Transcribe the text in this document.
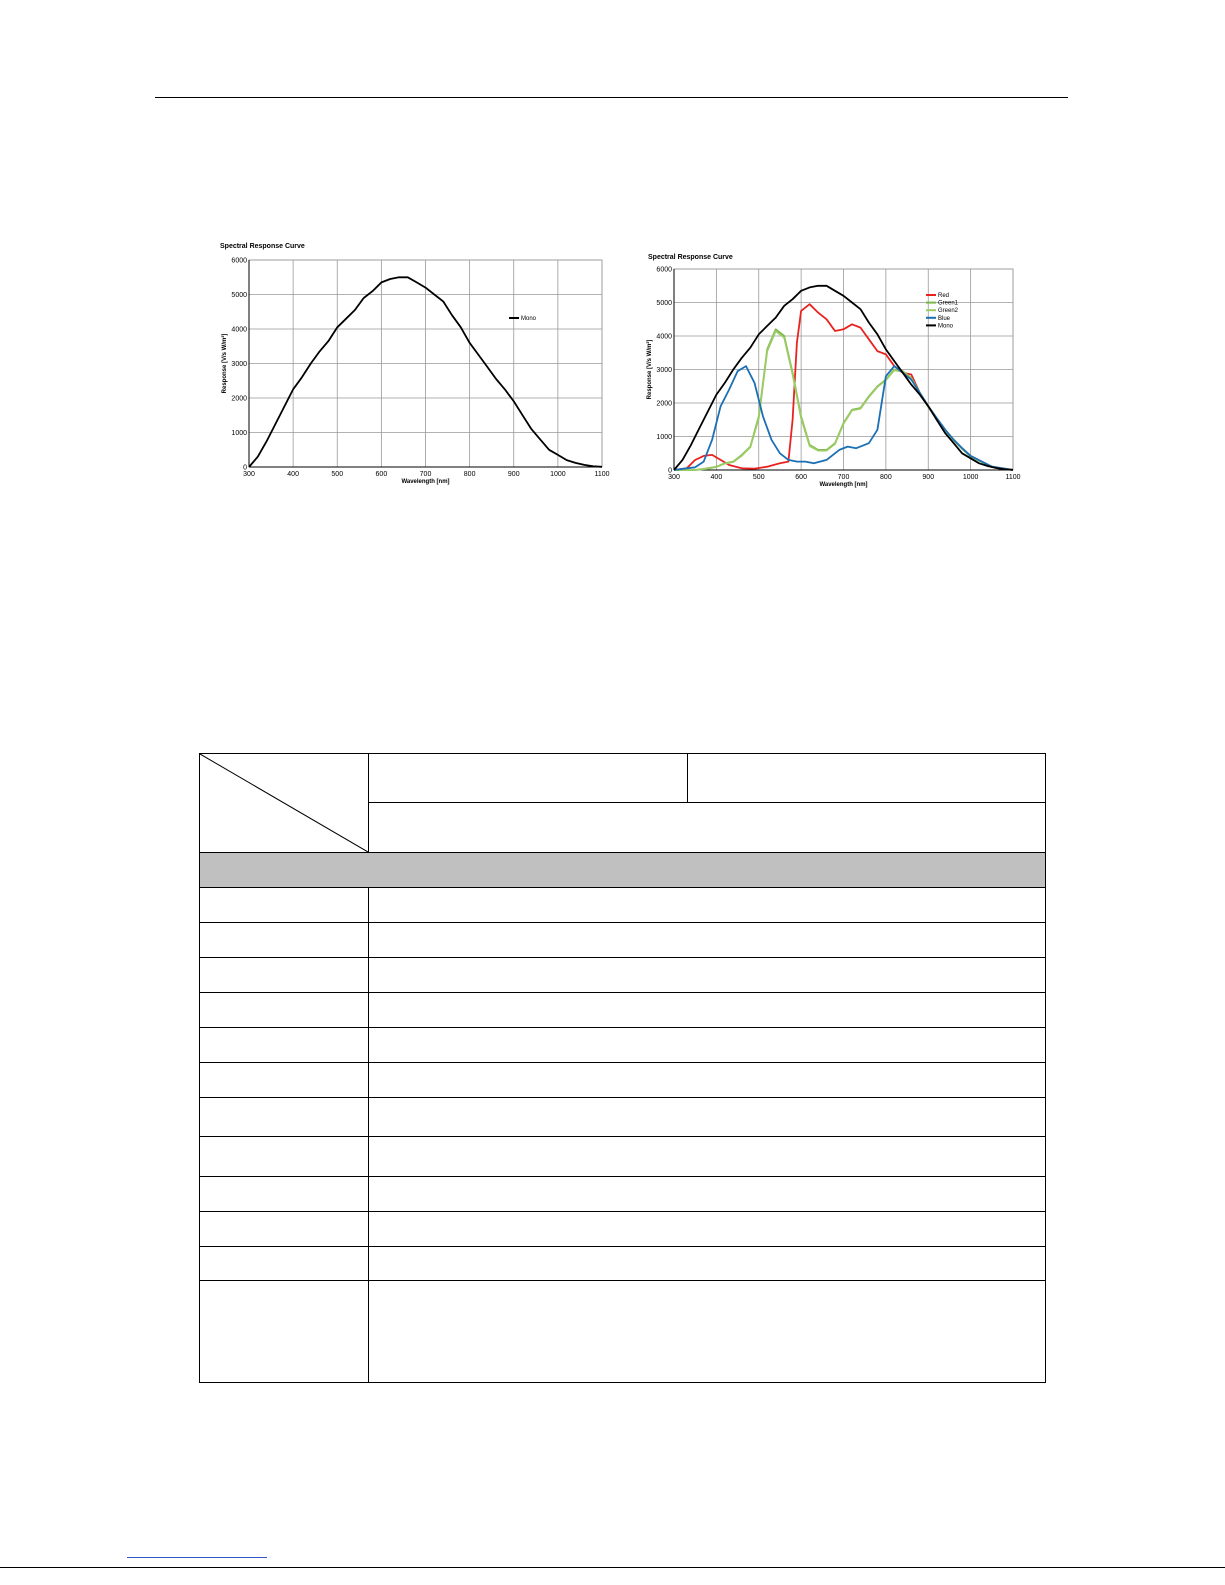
Spectral Response Curve
300	400	500	600	700	800	900	1000	1100
0
1000
2000
3000
4000
5000
6000
Wavelength [nm]
Response [V/s W/m²]
Mono
Spectral Response Curve
300	400	500	600	700	800	900	1000	1100
0
1000
2000
3000
4000
5000
6000
Wavelength [nm]
Response [V/s W/m²]
Red
Green1
Green2
Blue
Mono
